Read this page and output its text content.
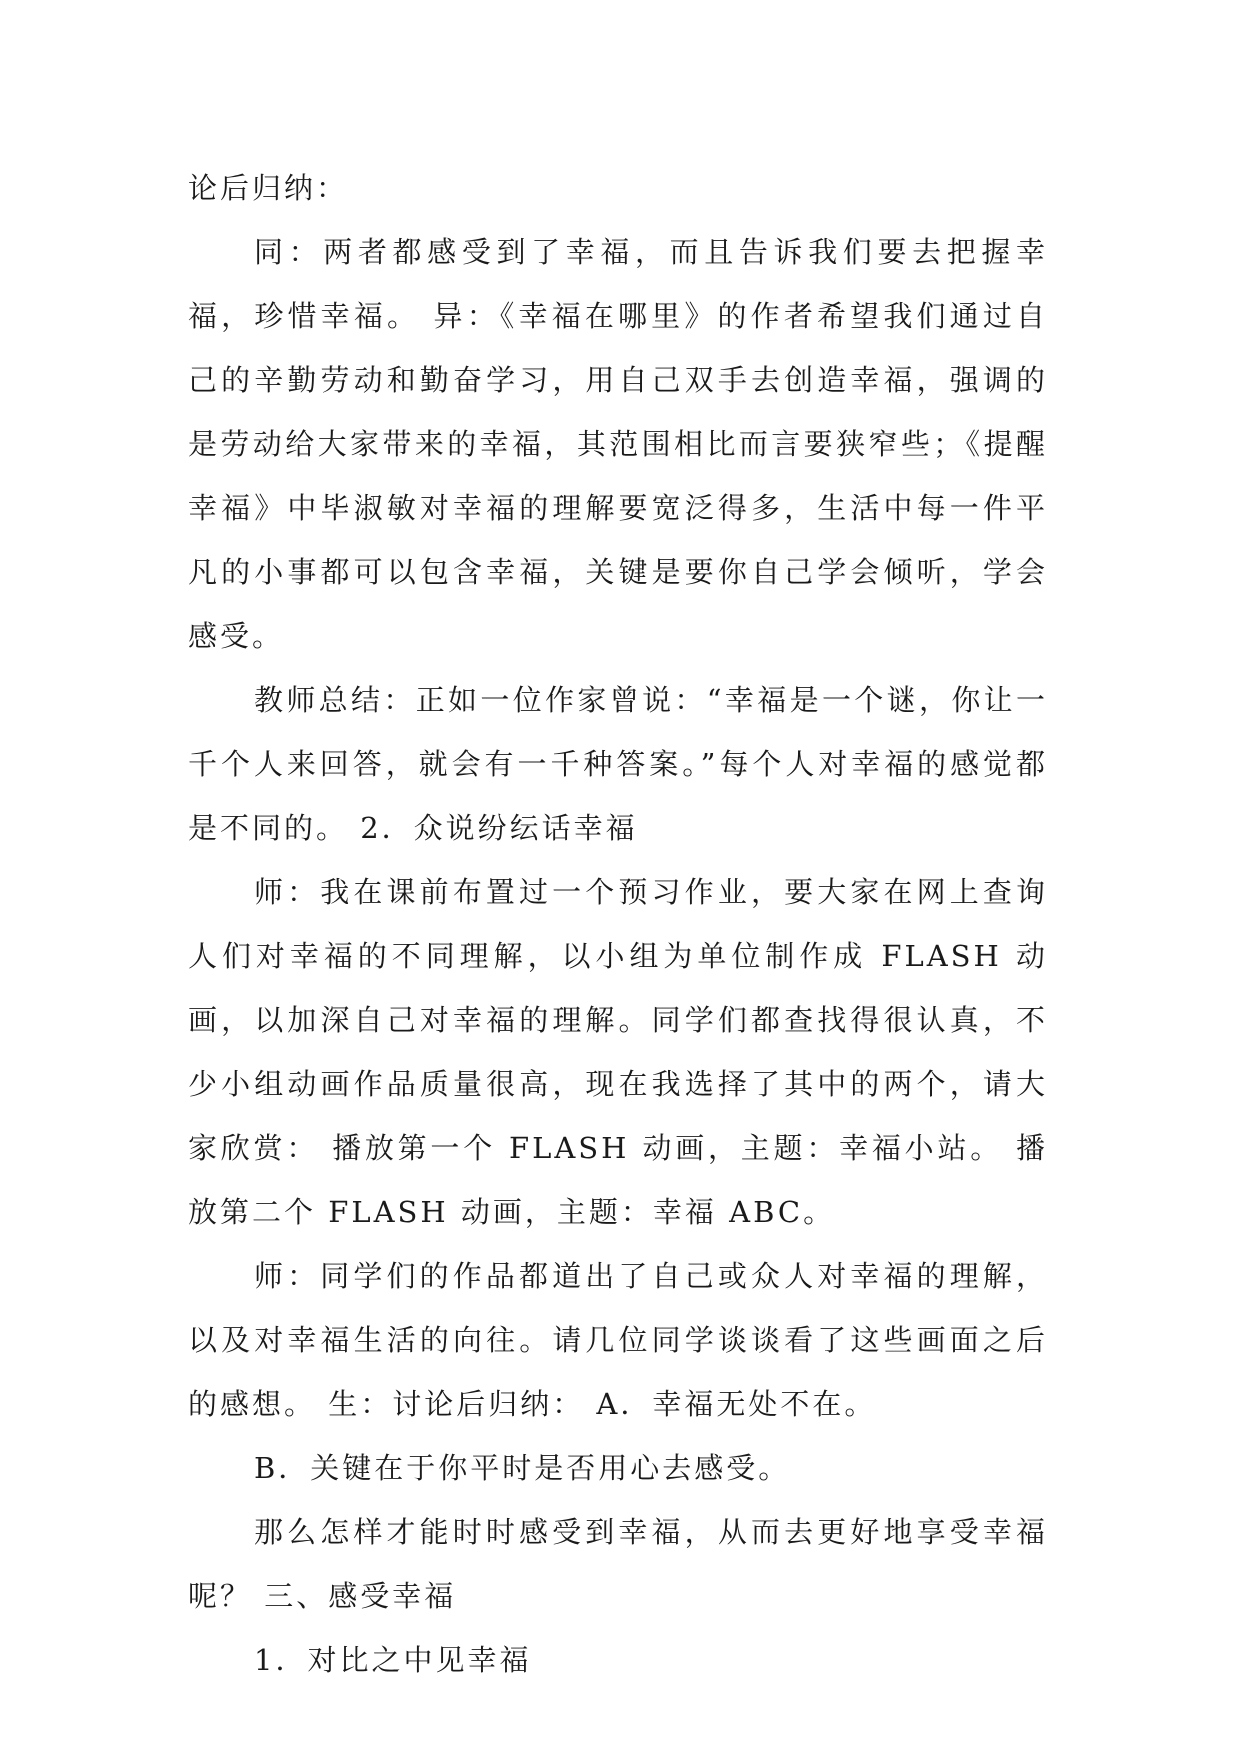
论后归纳：

同：两者都感受到了幸福，而且告诉我们要去把握幸福，珍惜幸福。 异：《幸福在哪里》的作者希望我们通过自己的辛勤劳动和勤奋学习，用自己双手去创造幸福，强调的是劳动给大家带来的幸福，其范围相比而言要狭窄些；《提醒幸福》中毕淑敏对幸福的理解要宽泛得多，生活中每一件平凡的小事都可以包含幸福，关键是要你自己学会倾听，学会感受。

教师总结：正如一位作家曾说：“幸福是一个谜，你让一千个人来回答，就会有一千种答案。”每个人对幸福的感觉都是不同的。 2．众说纷纭话幸福

师：我在课前布置过一个预习作业，要大家在网上查询人们对幸福的不同理解，以小组为单位制作成 FLASH 动画，以加深自己对幸福的理解。同学们都查找得很认真，不少小组动画作品质量很高，现在我选择了其中的两个，请大家欣赏： 播放第一个 FLASH 动画，主题：幸福小站。 播放第二个 FLASH 动画，主题：幸福 ABC。

师：同学们的作品都道出了自己或众人对幸福的理解，以及对幸福生活的向往。请几位同学谈谈看了这些画面之后的感想。 生：讨论后归纳： A．幸福无处不在。

B．关键在于你平时是否用心去感受。

那么怎样才能时时感受到幸福，从而去更好地享受幸福呢？ 三、感受幸福

1．对比之中见幸福
